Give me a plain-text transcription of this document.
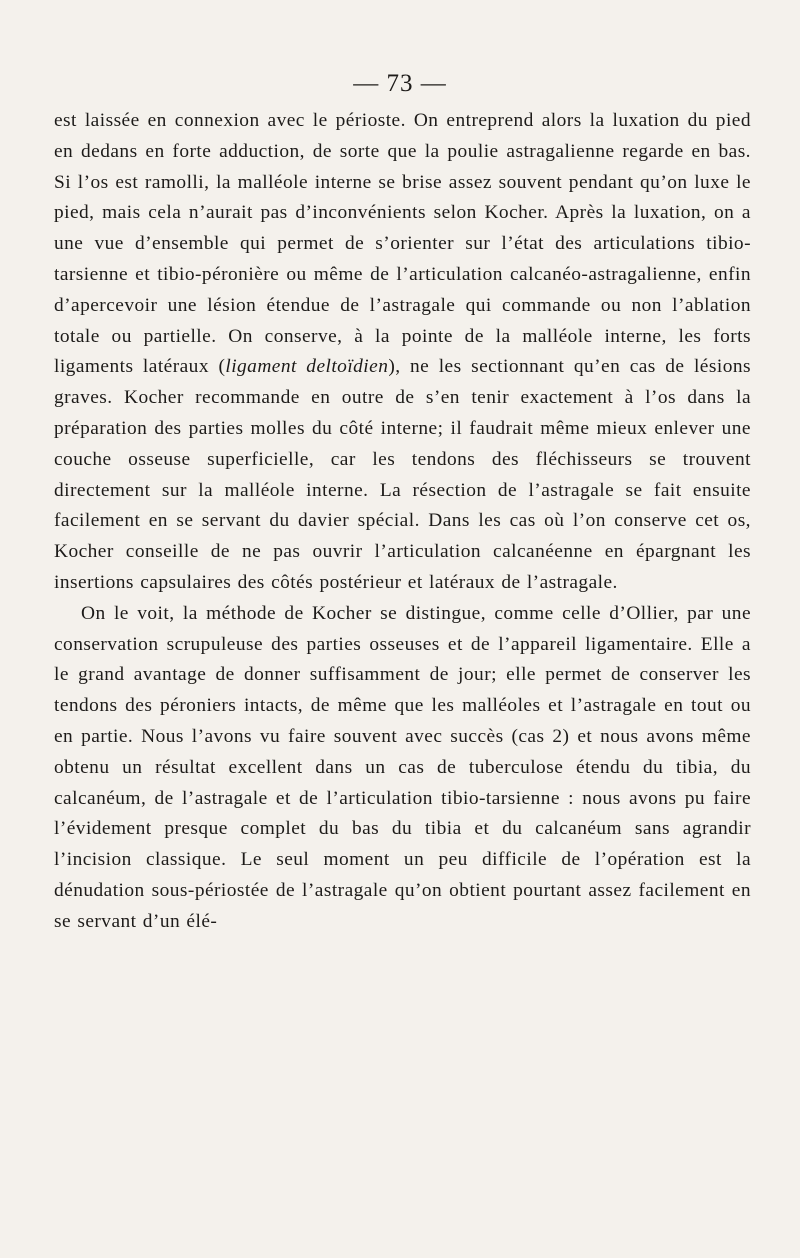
— 73 —

est laissée en connexion avec le périoste. On entreprend alors la luxation du pied en dedans en forte adduction, de sorte que la poulie astragalienne regarde en bas. Si l’os est ramolli, la malléole interne se brise assez souvent pendant qu’on luxe le pied, mais cela n’aurait pas d’inconvénients selon Kocher. Après la luxation, on a une vue d’ensemble qui permet de s’orienter sur l’état des articulations tibio-tarsienne et tibio-péronière ou même de l’articulation calcanéo-astragalienne, enfin d’apercevoir une lésion étendue de l’astragale qui commande ou non l’ablation totale ou partielle. On conserve, à la pointe de la malléole interne, les forts ligaments latéraux (ligament deltoïdien), ne les sectionnant qu’en cas de lésions graves. Kocher recommande en outre de s’en tenir exactement à l’os dans la préparation des parties molles du côté interne; il faudrait même mieux enlever une couche osseuse superficielle, car les tendons des fléchisseurs se trouvent directement sur la malléole interne. La résection de l’astragale se fait ensuite facilement en se servant du davier spécial. Dans les cas où l’on conserve cet os, Kocher conseille de ne pas ouvrir l’articulation calcanéenne en épargnant les insertions capsulaires des côtés postérieur et latéraux de l’astragale.

On le voit, la méthode de Kocher se distingue, comme celle d’Ollier, par une conservation scrupuleuse des parties osseuses et de l’appareil ligamentaire. Elle a le grand avantage de donner suffisamment de jour; elle permet de conserver les tendons des péroniers intacts, de même que les malléoles et l’astragale en tout ou en partie. Nous l’avons vu faire souvent avec succès (cas 2) et nous avons même obtenu un résultat excellent dans un cas de tuberculose étendu du tibia, du calcanéum, de l’astragale et de l’articulation tibio-tarsienne : nous avons pu faire l’évidement presque complet du bas du tibia et du calcanéum sans agrandir l’incision classique. Le seul moment un peu difficile de l’opération est la dénudation sous-périostée de l’astragale qu’on obtient pourtant assez facilement en se servant d’un élé-
